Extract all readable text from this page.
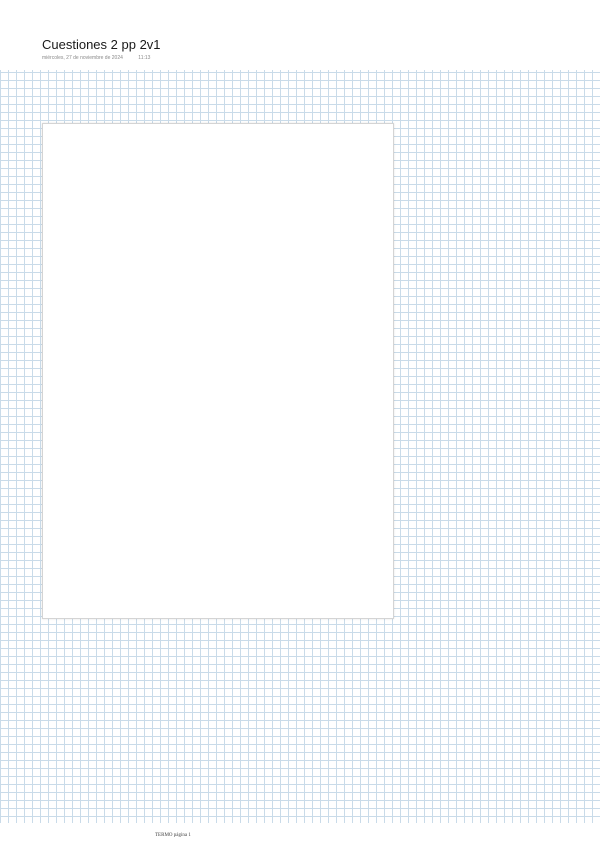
Cuestiones 2 pp 2v1
miércoles, 27 de noviembre de 2024	11:13
TERMO página 1
